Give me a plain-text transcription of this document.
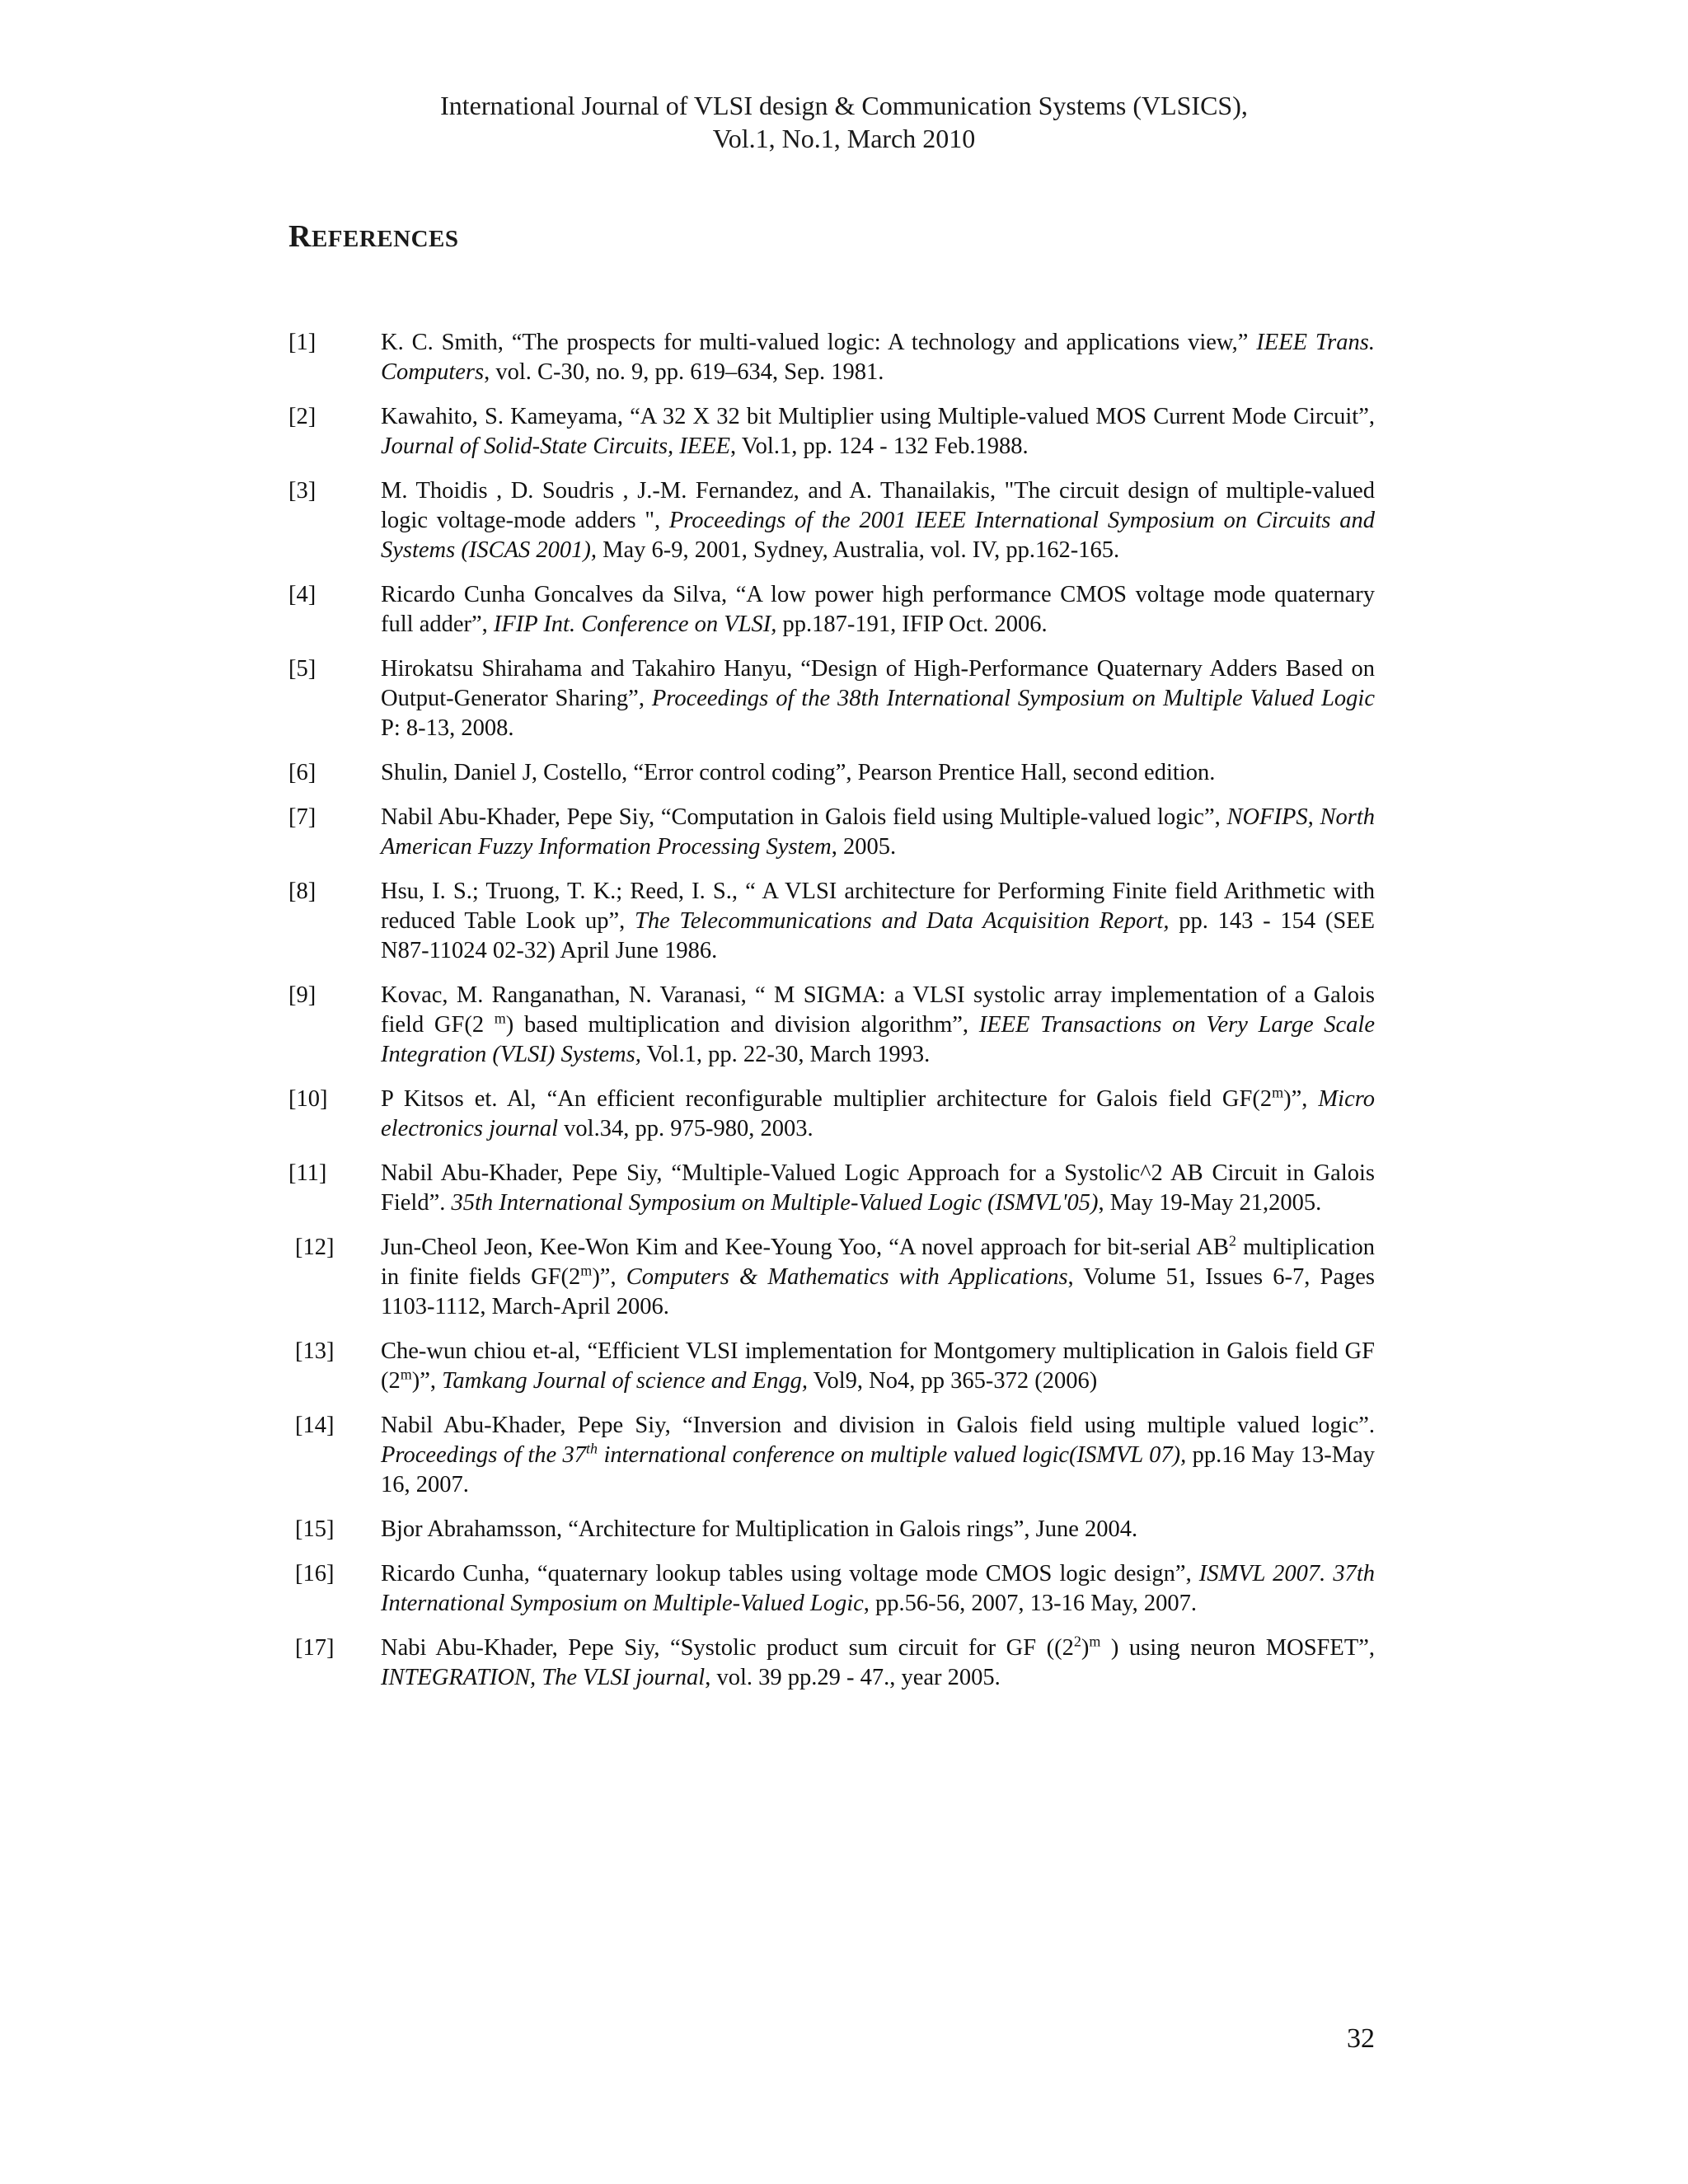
International Journal of VLSI design & Communication Systems (VLSICS),
Vol.1, No.1, March 2010
REFERENCES
[1]	K. C. Smith, “The prospects for multi-valued logic: A technology and applications view,” IEEE Trans. Computers, vol. C-30, no. 9, pp. 619–634, Sep. 1981.
[2]	Kawahito, S. Kameyama, “A 32 X 32 bit Multiplier using Multiple-valued MOS Current Mode Circuit”, Journal of Solid-State Circuits, IEEE, Vol.1, pp. 124 - 132 Feb.1988.
[3]	M. Thoidis , D. Soudris , J.-M. Fernandez, and A. Thanailakis, "The circuit design of multiple-valued logic voltage-mode adders ", Proceedings of the 2001 IEEE International Symposium on Circuits and Systems (ISCAS 2001), May 6-9, 2001, Sydney, Australia, vol. IV, pp.162-165.
[4]	Ricardo Cunha Goncalves da Silva, “A low power high performance CMOS voltage mode quaternary full adder”, IFIP Int. Conference on VLSI, pp.187-191, IFIP Oct. 2006.
[5]	Hirokatsu Shirahama and Takahiro Hanyu, “Design of High-Performance Quaternary Adders Based on Output-Generator Sharing”, Proceedings of the 38th International Symposium on Multiple Valued Logic P: 8-13, 2008.
[6]	Shulin, Daniel J, Costello, “Error control coding”, Pearson Prentice Hall, second edition.
[7]	Nabil Abu-Khader, Pepe Siy, “Computation in Galois field using Multiple-valued logic”, NOFIPS, North American Fuzzy Information Processing System, 2005.
[8]	Hsu, I. S.; Truong, T. K.; Reed, I. S., “ A VLSI architecture for Performing Finite field Arithmetic with reduced Table Look up”, The Telecommunications and Data Acquisition Report, pp. 143 - 154 (SEE N87-11024 02-32) April June 1986.
[9]	Kovac, M. Ranganathan, N. Varanasi, “ M SIGMA: a VLSI systolic array implementation of a Galois field GF(2 $^m$) based multiplication and division algorithm”, IEEE Transactions on Very Large Scale Integration (VLSI) Systems, Vol.1, pp. 22-30, March 1993.
[10]	P Kitsos et. Al, “An efficient reconfigurable multiplier architecture for Galois field GF(2$^m$)”, Micro electronics journal vol.34, pp. 975-980, 2003.
[11]	Nabil Abu-Khader, Pepe Siy, “Multiple-Valued Logic Approach for a Systolic^2 AB Circuit in Galois Field”. 35th International Symposium on Multiple-Valued Logic (ISMVL'05), May 19-May 21,2005.
[12]	Jun-Cheol Jeon, Kee-Won Kim and Kee-Young Yoo, “A novel approach for bit-serial $AB^2$ multiplication in finite fields GF(2$^m$)”, Computers & Mathematics with Applications, Volume 51, Issues 6-7, Pages 1103-1112, March-April 2006.
[13]	Che-wun chiou et-al, “Efficient VLSI implementation for Montgomery multiplication in Galois field GF (2$^m$)”, Tamkang Journal of science and Engg, Vol9, No4, pp 365-372 (2006)
[14]	Nabil Abu-Khader, Pepe Siy, “Inversion and division in Galois field using multiple valued logic”. Proceedings of the 37th international conference on multiple valued logic(ISMVL 07), pp.16 May 13-May 16, 2007.
[15]	Bjor Abrahamsson, “Architecture for Multiplication in Galois rings”, June 2004.
[16]	Ricardo Cunha, “quaternary lookup tables using voltage mode CMOS logic design”, ISMVL 2007. 37th International Symposium on Multiple-Valued Logic, pp.56-56, 2007, 13-16 May, 2007.
[17]	Nabi Abu-Khader, Pepe Siy, “Systolic product sum circuit for GF ($(2^2)^m$ ) using neuron MOSFET”, INTEGRATION, The VLSI journal, vol. 39 pp.29 - 47., year 2005.
32
